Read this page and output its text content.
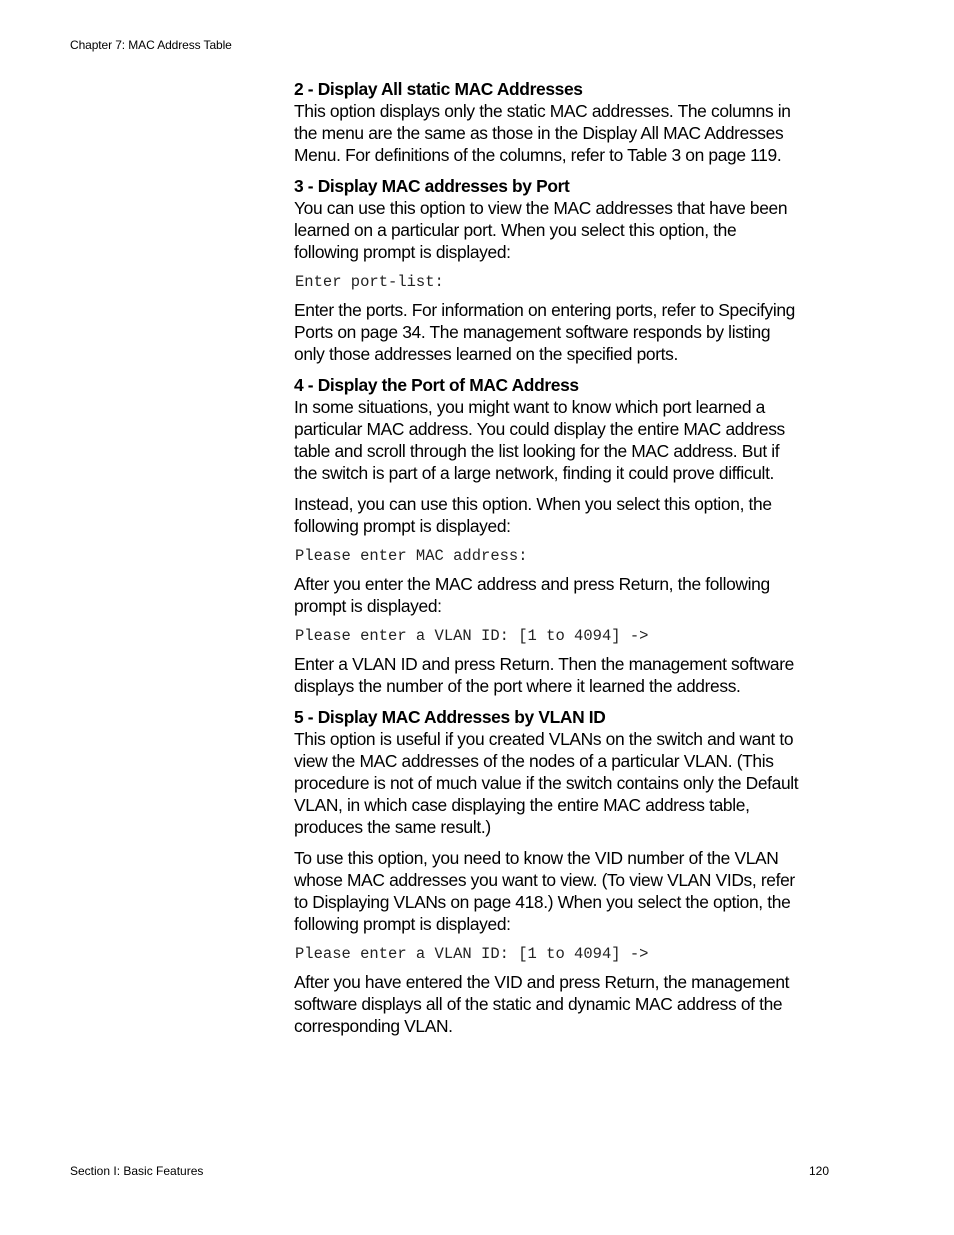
Chapter 7: MAC Address Table

2 - Display All static MAC Addresses

This option displays only the static MAC addresses. The columns in the menu are the same as those in the Display All MAC Addresses Menu. For definitions of the columns, refer to Table 3 on page 119.

3 - Display MAC addresses by Port

You can use this option to view the MAC addresses that have been learned on a particular port. When you select this option, the following prompt is displayed:

Enter port-list:

Enter the ports. For information on entering ports, refer to Specifying Ports on page 34. The management software responds by listing only those addresses learned on the specified ports.

4 - Display the Port of MAC Address

In some situations, you might want to know which port learned a particular MAC address. You could display the entire MAC address table and scroll through the list looking for the MAC address. But if the switch is part of a large network, finding it could prove difficult.

Instead, you can use this option. When you select this option, the following prompt is displayed:

Please enter MAC address:

After you enter the MAC address and press Return, the following prompt is displayed:

Please enter a VLAN ID: [1 to 4094] ->

Enter a VLAN ID and press Return. Then the management software displays the number of the port where it learned the address.

5 - Display MAC Addresses by VLAN ID

This option is useful if you created VLANs on the switch and want to view the MAC addresses of the nodes of a particular VLAN. (This procedure is not of much value if the switch contains only the Default VLAN, in which case displaying the entire MAC address table, produces the same result.)

To use this option, you need to know the VID number of the VLAN whose MAC addresses you want to view. (To view VLAN VIDs, refer to Displaying VLANs on page 418.) When you select the option, the following prompt is displayed:

Please enter a VLAN ID: [1 to 4094] ->

After you have entered the VID and press Return, the management software displays all of the static and dynamic MAC address of the corresponding VLAN.

Section I: Basic Features	120
